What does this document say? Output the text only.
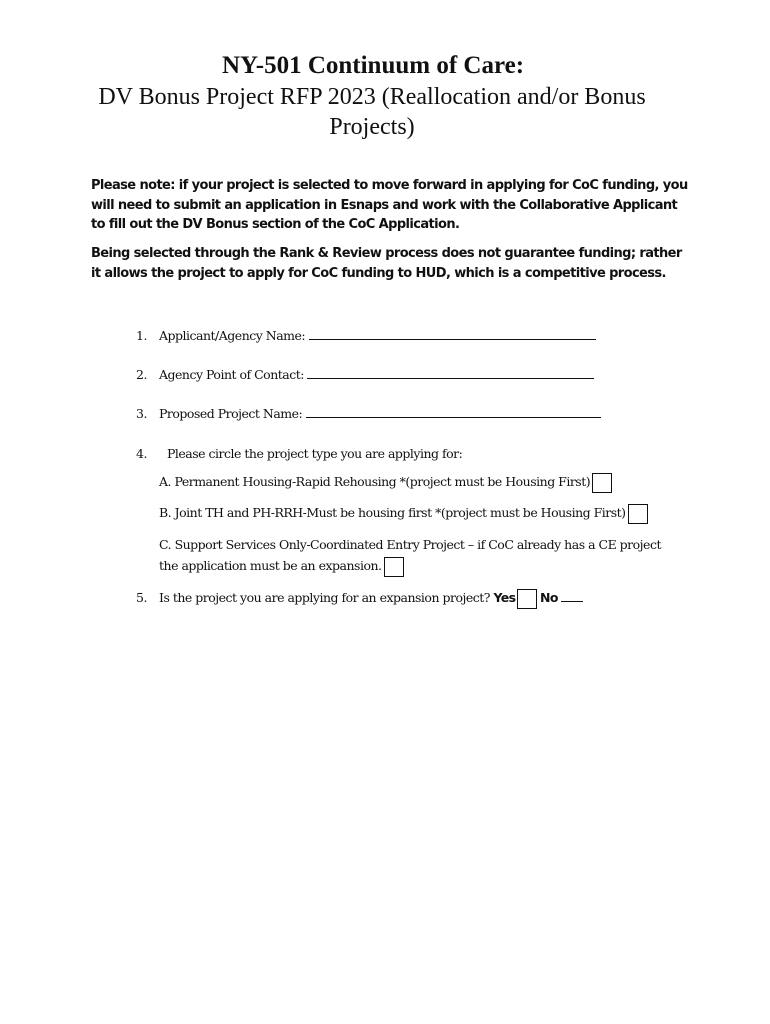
NY-501 Continuum of Care:
DV Bonus Project RFP 2023 (Reallocation and/or Bonus Projects)
Please note: if your project is selected to move forward in applying for CoC funding, you will need to submit an application in Esnaps and work with the Collaborative Applicant to fill out the DV Bonus section of the CoC Application.
Being selected through the Rank & Review process does not guarantee funding; rather it allows the project to apply for CoC funding to HUD, which is a competitive process.
1. Applicant/Agency Name:
2. Agency Point of Contact:
3. Proposed Project Name:
4. Please circle the project type you are applying for:
A. Permanent Housing-Rapid Rehousing *(project must be Housing First)
B. Joint TH and PH-RRH-Must be housing first *(project must be Housing First)
C. Support Services Only-Coordinated Entry Project – if CoC already has a CE project
the application must be an expansion.
5. Is the project you are applying for an expansion project? Yes No
